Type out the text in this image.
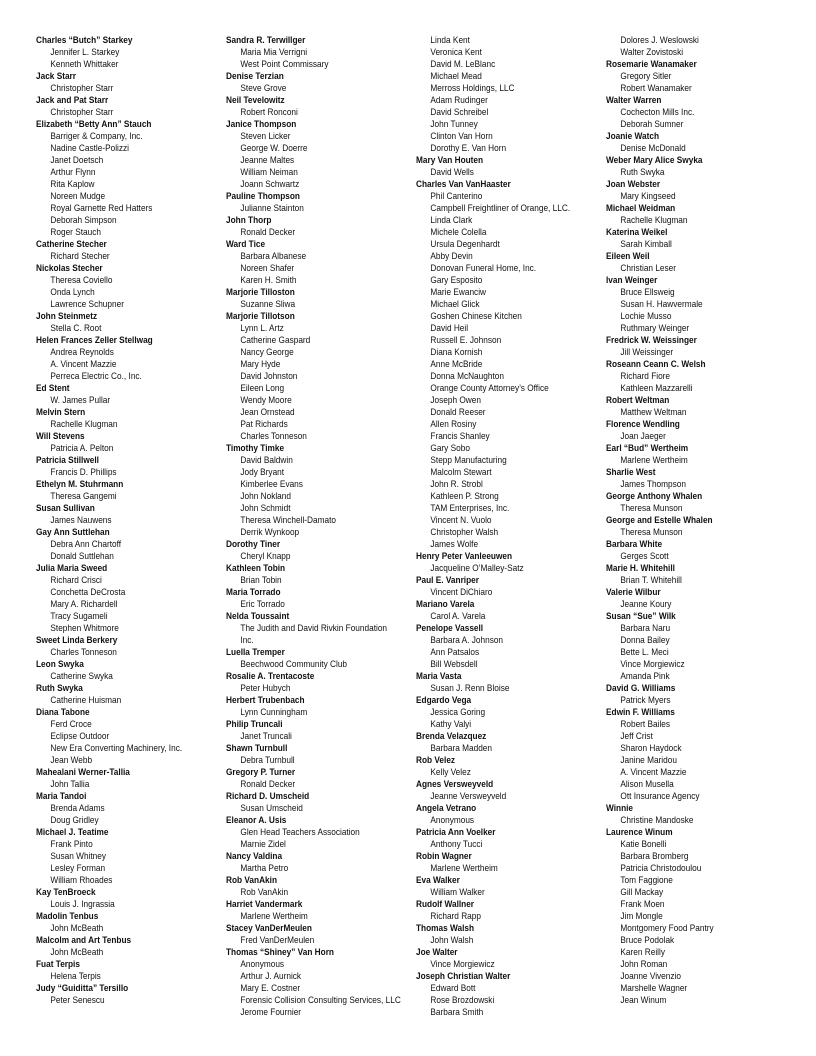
Charles “Butch” Starkey
Jennifer L. Starkey
Kenneth Whittaker
Jack Starr
Christopher Starr
Jack and Pat Starr
Christopher Starr
Elizabeth “Betty Ann” Stauch
Barriger & Company, Inc.
Nadine Castle-Polizzi
Janet Doetsch
Arthur Flynn
Rita Kaplow
Noreen Mudge
Royal Garnette Red Hatters
Deborah Simpson
Roger Stauch
Catherine Stecher
Richard Stecher
Nickolas Stecher
Theresa Coviello
Onda Lynch
Lawrence Schupner
John Steinmetz
Stella C. Root
Helen Frances Zeller Stellwag
Andrea Reynolds
A. Vincent Mazzie
Perreca Electric Co., Inc.
Ed Stent
W. James Pullar
Melvin Stern
Rachelle Klugman
Will Stevens
Patricia A. Pelton
Patricia Stillwell
Francis D. Phillips
Ethelyn M. Stuhrmann
Theresa Gangemi
Susan Sullivan
James Nauwens
Gay Ann Suttlehan
Debra Ann Chartoff
Donald Suttlehan
Julia Maria Sweed
Richard Crisci
Conchetta DeCrosta
Mary A. Richardell
Tracy Sugameli
Stephen Whitmore
Sweet Linda Berkery
Charles Tonneson
Leon Swyka
Catherine Swyka
Ruth Swyka
Catherine Huisman
Diana Tabone
Ferd Croce
Eclipse Outdoor
New Era Converting Machinery, Inc.
Jean Webb
Mahealani Werner-Tallia
John Tallia
Maria Tandoi
Brenda Adams
Doug Gridley
Michael J. Teatime
Frank Pinto
Susan Whitney
Lesley Forman
William Rhoades
Kay TenBroeck
Louis J. Ingrassia
Madolin Tenbus
John McBeath
Malcolm and Art Tenbus
John McBeath
Fuat Terpis
Helena Terpis
Judy “Guiditta” Tersillo
Peter Senescu
Sandra R. Terwillger
Maria Mia Verrigni
West Point Commissary
Denise Terzian
Steve Grove
Neil Tevelowitz
Robert Ronconi
Janice Thompson
Steven Licker
George W. Doerre
Jeanne Maltes
William Neiman
Joann Schwartz
Pauline Thompson
Julianne Stainton
John Thorp
Ronald Decker
Ward Tice
Barbara Albanese
Noreen Shafer
Karen H. Smith
Marjorie Tilloston
Suzanne Sliwa
Marjorie Tillotson
Lynn L. Artz
Catherine Gaspard
Nancy George
Mary Hyde
David Johnston
Eileen Long
Wendy Moore
Jean Ornstead
Pat Richards
Charles Tonneson
Timothy Timke
David Baldwin
Jody Bryant
Kimberlee Evans
John Nokland
John Schmidt
Theresa Winchell-Damato
Derrik Wynkoop
Dorothy Tiner
Cheryl Knapp
Kathleen Tobin
Brian Tobin
Maria Torrado
Eric Torrado
Nelda Toussaint
The Judith and David Rivkin Foundation
Inc.
Luella Tremper
Beechwood Community Club
Rosalie A. Trentacoste
Peter Hubych
Herbert Trubenbach
Lynn Cunningham
Philip Truncali
Janet Truncali
Shawn Turnbull
Debra Turnbull
Gregory P. Turner
Ronald Decker
Richard D. Umscheid
Susan Umscheid
Eleanor A. Usis
Glen Head Teachers Association
Marnie Zidel
Nancy Valdina
Martha Petro
Rob VanAkin
Rob VanAkin
Harriet Vandermark
Marlene Wertheim
Stacey VanDerMeulen
Fred VanDerMeulen
Thomas “Shiney” Van Horn
Anonymous
Arthur J. Aurnick
Mary E. Costner
Forensic Collision Consulting Services, LLC
Jerome Fournier
Linda Kent
Veronica Kent
David M. LeBlanc
Michael Mead
Merross Holdings, LLC
Adam Rudinger
David Schreibel
John Tunney
Clinton Van Horn
Dorothy E. Van Horn
Mary Van Houten
David Wells
Charles Van VanHaaster
Phil Canterino
Campbell Freightliner of Orange, LLC.
Linda Clark
Michele Colella
Ursula Degenhardt
Abby Devin
Donovan Funeral Home, Inc.
Gary Esposito
Marie Ewanciw
Michael Glick
Goshen Chinese Kitchen
David Heil
Russell E. Johnson
Diana Kornish
Anne McBride
Donna McNaughton
Orange County Attorney’s Office
Joseph Owen
Donald Reeser
Allen Rosiny
Francis Shanley
Gary Sobo
Stepp Manufacturing
Malcolm Stewart
John R. Strobl
Kathleen P. Strong
TAM Enterprises, Inc.
Vincent N. Vuolo
Christopher Walsh
James Wolfe
Henry Peter Vanleeuwen
Jacqueline O’Malley-Satz
Paul E. Vanriper
Vincent DiChiaro
Mariano Varela
Carol A. Varela
Penelope Vassell
Barbara A. Johnson
Ann Patsalos
Bill Websdell
Maria Vasta
Susan J. Renn Bloise
Edgardo Vega
Jessica Goring
Kathy Valyi
Brenda Velazquez
Barbara Madden
Rob Velez
Kelly Velez
Agnes Versweyveld
Jeanne Versweyveld
Angela Vetrano
Anonymous
Patricia Ann Voelker
Anthony Tucci
Robin Wagner
Marlene Wertheim
Eva Walker
William Walker
Rudolf Wallner
Richard Rapp
Thomas Walsh
John Walsh
Joe Walter
Vince Morgiewicz
Joseph Christian Walter
Edward Bott
Rose Brozdowski
Barbara Smith
Dolores J. Weslowski
Walter Zovistoski
Rosemarie Wanamaker
Gregory Sitler
Robert Wanamaker
Walter Warren
Cochecton Mills Inc.
Deborah Sumner
Joanie Watch
Denise McDonald
Weber Mary Alice Swyka
Ruth Swyka
Joan Webster
Mary Kingseed
Michael Weidman
Rachelle Klugman
Katerina Weikel
Sarah Kimball
Eileen Weil
Christian Leser
Ivan Weinger
Bruce Ellsweig
Susan H. Hawvermale
Lochie Musso
Ruthmary Weinger
Fredrick W. Weissinger
Jill Weissinger
Roseann Ceann C. Welsh
Richard Fiore
Kathleen Mazzarelli
Robert Weltman
Matthew Weltman
Florence Wendling
Joan Jaeger
Earl “Bud” Wertheim
Marlene Wertheim
Sharlie West
James Thompson
George Anthony Whalen
Theresa Munson
George and Estelle Whalen
Theresa Munson
Barbara White
Gerges Scott
Marie H. Whitehill
Brian T. Whitehill
Valerie Wilbur
Jeanne Koury
Susan “Sue” Wilk
Barbara Naru
Donna Bailey
Bette L. Meci
Vince Morgiewicz
Amanda Pink
David G. Williams
Patrick Myers
Edwin F. Williams
Robert Bailes
Jeff Crist
Sharon Haydock
Janine Maridou
A. Vincent Mazzie
Alison Musella
Ott Insurance Agency
Winnie
Christine Mandoske
Laurence Winum
Katie Bonelli
Barbara Bromberg
Patricia Christodoulou
Tom Faggione
Gill Mackay
Frank Moen
Jim Mongle
Montgomery Food Pantry
Bruce Podolak
Karen Reilly
John Roman
Joanne Vivenzio
Marshelle Wagner
Jean Winum
